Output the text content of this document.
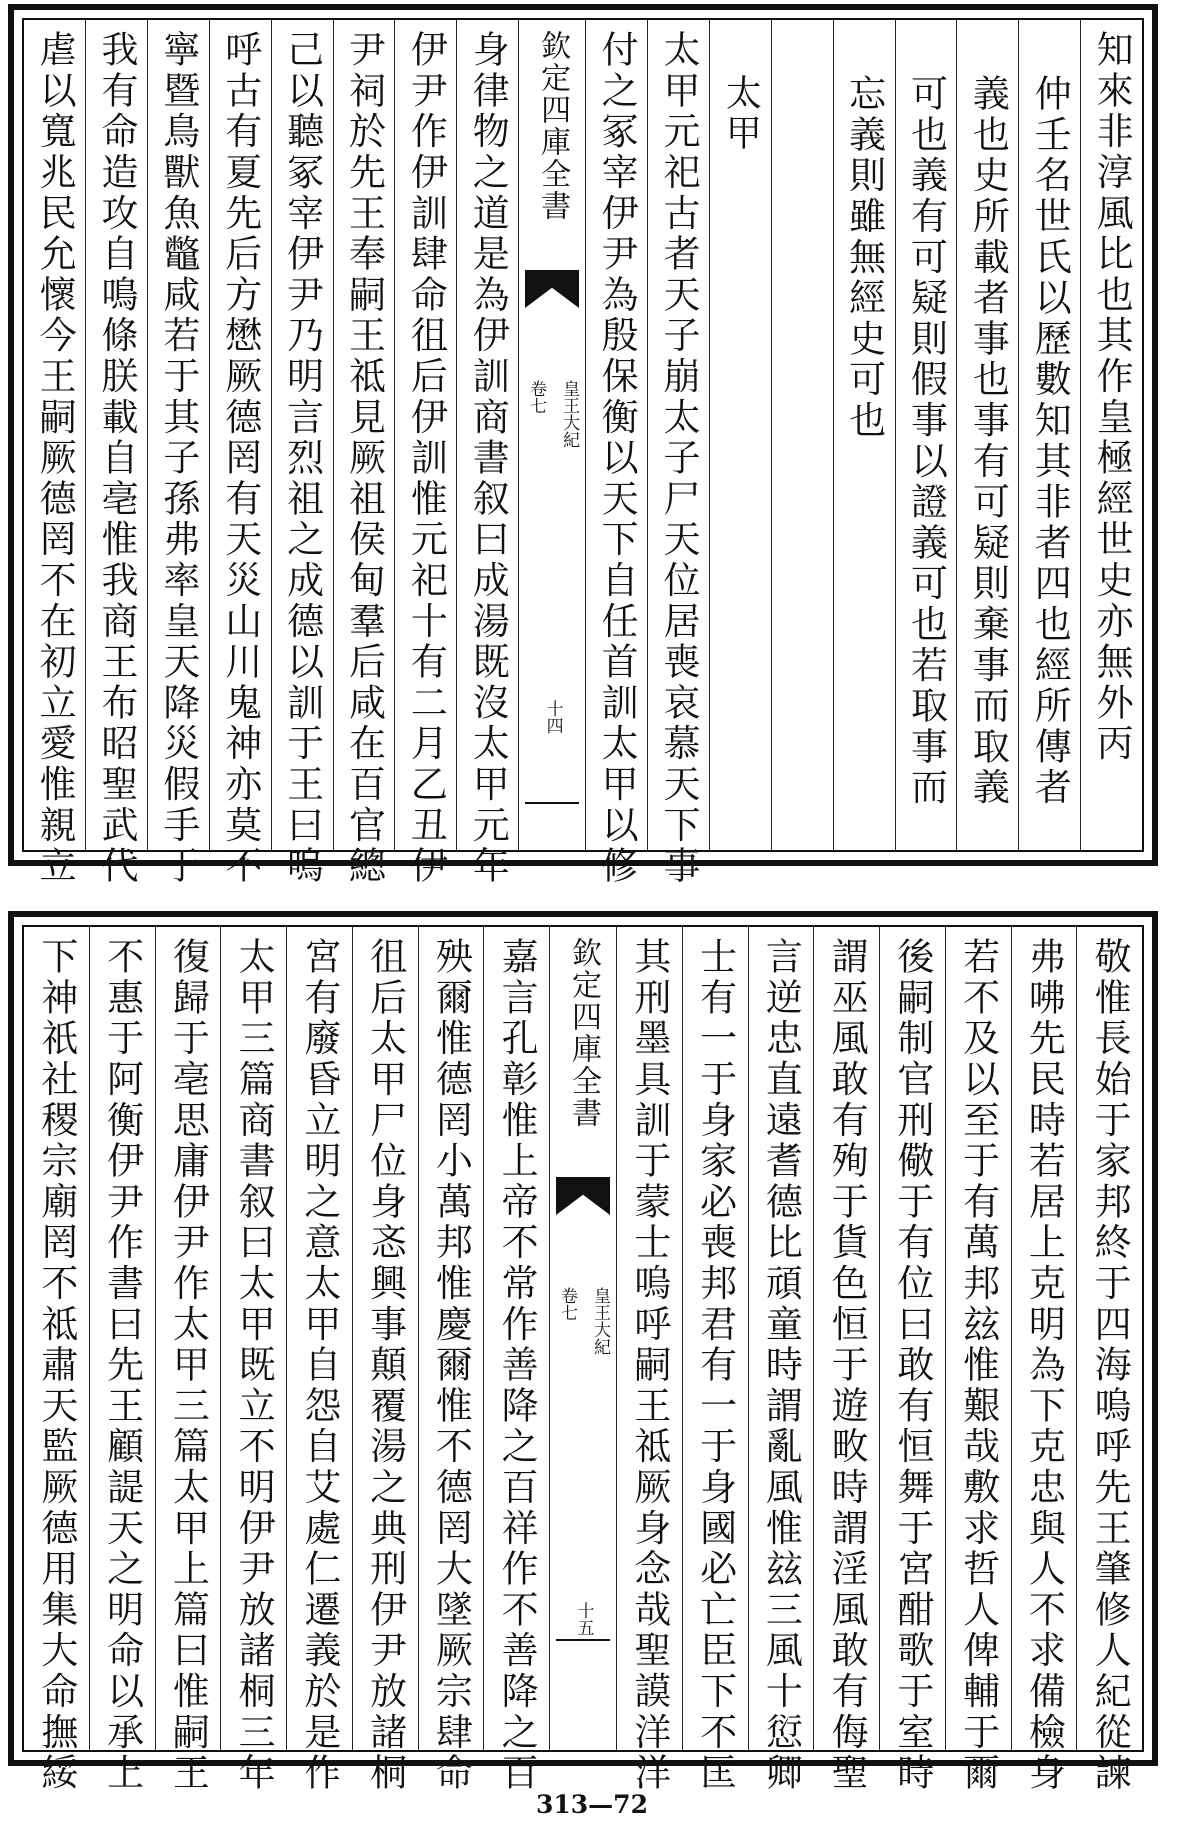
知來非淳風比也其作皇極經世史亦無外丙
仲壬名世氏以歷數知其非者四也經所傳者
義也史所載者事也事有可疑則棄事而取義
可也義有可疑則假事以證義可也若取事而
忘義則雖無經史可也
太甲
太甲元祀古者天子崩太子尸天位居喪哀慕天下事
付之冢宰伊尹為殷保衡以天下自任首訓太甲以修
欽定四庫全書
皇王大紀
卷七
十四
身律物之道是為伊訓商書叙曰成湯既沒太甲元年
伊尹作伊訓肆命徂后伊訓惟元祀十有二月乙丑伊
尹祠於先王奉嗣王祗見厥祖侯甸羣后咸在百官總
己以聽冢宰伊尹乃明言烈祖之成德以訓于王曰嗚
呼古有夏先后方懋厥德罔有天災山川鬼神亦莫不
寧暨鳥獸魚鼈咸若于其子孫弗率皇天降災假手于
我有命造攻自鳴條朕載自亳惟我商王布昭聖武代
虐以寬兆民允懷今王嗣厥德罔不在初立愛惟親立
敬惟長始于家邦終于四海嗚呼先王肇修人紀從諫
弗咈先民時若居上克明為下克忠與人不求備檢身
若不及以至于有萬邦玆惟艱哉敷求哲人俾輔于爾
後嗣制官刑儆于有位曰敢有恒舞于宮酣歌于室時
謂巫風敢有殉于貨色恒于遊畋時謂淫風敢有侮聖
言逆忠直遠耆德比頑童時謂亂風惟玆三風十愆卿
士有一于身家必喪邦君有一于身國必亡臣下不匡
其刑墨具訓于蒙士嗚呼嗣王祗厥身念哉聖謨洋洋
欽定四庫全書
皇王大紀
卷七
十五
嘉言孔彰惟上帝不常作善降之百祥作不善降之百
殃爾惟德罔小萬邦惟慶爾惟不德罔大墜厥宗肆命
徂后太甲尸位身忞興事顛覆湯之典刑伊尹放諸桐
宮有廢昏立明之意太甲自怨自艾處仁遷義於是作
太甲三篇商書叙曰太甲既立不明伊尹放諸桐三年
復歸于亳思庸伊尹作太甲三篇太甲上篇曰惟嗣王
不惠于阿衡伊尹作書曰先王顧諟天之明命以承上
下神祇社稷宗廟罔不祗肅天監厥德用集大命撫綏
313—72
